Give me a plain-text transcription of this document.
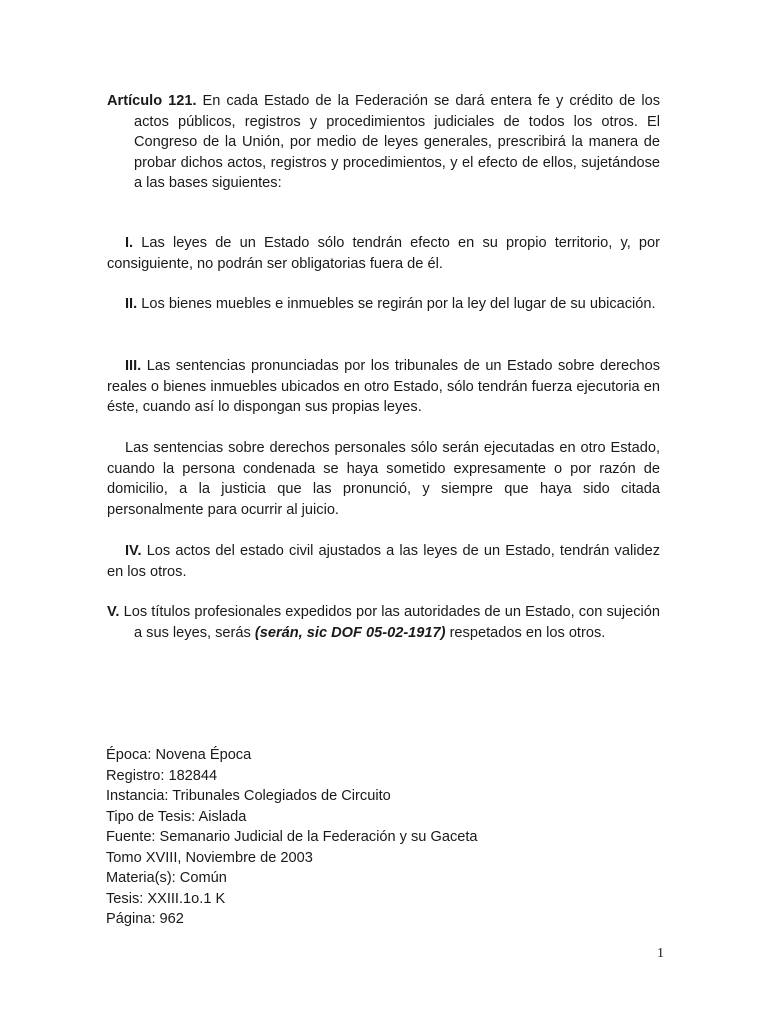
Artículo 121. En cada Estado de la Federación se dará entera fe y crédito de los actos públicos, registros y procedimientos judiciales de todos los otros. El Congreso de la Unión, por medio de leyes generales, prescribirá la manera de probar dichos actos, registros y procedimientos, y el efecto de ellos, sujetándose a las bases siguientes:

I. Las leyes de un Estado sólo tendrán efecto en su propio territorio, y, por consiguiente, no podrán ser obligatorias fuera de él.

II. Los bienes muebles e inmuebles se regirán por la ley del lugar de su ubicación.

III. Las sentencias pronunciadas por los tribunales de un Estado sobre derechos reales o bienes inmuebles ubicados en otro Estado, sólo tendrán fuerza ejecutoria en éste, cuando así lo dispongan sus propias leyes.

Las sentencias sobre derechos personales sólo serán ejecutadas en otro Estado, cuando la persona condenada se haya sometido expresamente o por razón de domicilio, a la justicia que las pronunció, y siempre que haya sido citada personalmente para ocurrir al juicio.

IV. Los actos del estado civil ajustados a las leyes de un Estado, tendrán validez en los otros.

V. Los títulos profesionales expedidos por las autoridades de un Estado, con sujeción a sus leyes, serás (serán, sic DOF 05-02-1917) respetados en los otros.

Época: Novena Época
Registro: 182844
Instancia: Tribunales Colegiados de Circuito
Tipo de Tesis: Aislada
Fuente: Semanario Judicial de la Federación y su Gaceta
Tomo XVIII, Noviembre de 2003
Materia(s): Común
Tesis: XXIII.1o.1 K
Página: 962
1
